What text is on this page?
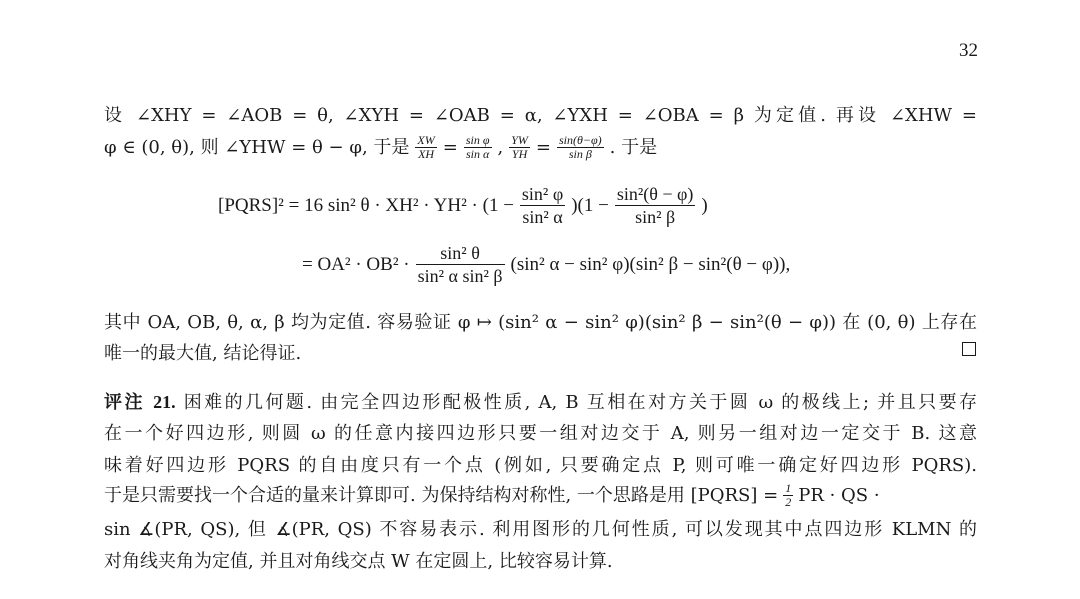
32
设 ∠XHY = ∠AOB = θ, ∠XYH = ∠OAB = α, ∠YXH = ∠OBA = β 为定值. 再设 ∠XHW =
φ ∈ (0, θ), 则 ∠YHW = θ − φ, 于是 $\frac{XW}{XH} = \frac{\text{sin φ}}{\text{sin α}}$ , $\frac{YW}{YH} = \frac{\sin(\theta-\varphi)}{\text{sin β}}$ . 于是
[PQRS]² = 16 sin² $\theta \cdot XH^2 \cdot YH^2 \cdot (1 - \frac{\text{sin² φ}}{\text{sin² α}} )(1 - \frac{\text{sin²(θ − φ)}}{\text{sin² β}}$ )
= $OA^2 \cdot OB^2 \cdot \frac{\text{sin² θ}}{\text{sin² α sin² β}} (\sin^2$ α − sin² φ)(sin² β − sin²(θ − φ)),
其中 OA, OB, θ, α, β 均为定值. 容易验证 φ ↦ (sin² α − sin² φ)(sin² β − sin²(θ − φ)) 在 (0, θ) 上存在
唯一的最大值, 结论得证.
评注 21. 困难的几何题. 由完全四边形配极性质, A, B 互相在对方关于圆 ω 的极线上; 并且只要存
在一个好四边形, 则圆 ω 的任意内接四边形只要一组对边交于 A, 则另一组对边一定交于 B. 这意
味着好四边形 PQRS 的自由度只有一个点 (例如, 只要确定点 P, 则可唯一确定好四边形 PQRS).
于是只需要找一个合适的量来计算即可. 为保持结构对称性, 一个思路是用 [PQRS] = $\frac{1}{2}$ PR · QS ·
sin ∡(PR, QS), 但 ∡(PR, QS) 不容易表示. 利用图形的几何性质, 可以发现其中点四边形 KLMN 的
对角线夹角为定值, 并且对角线交点 W 在定圆上, 比较容易计算.
